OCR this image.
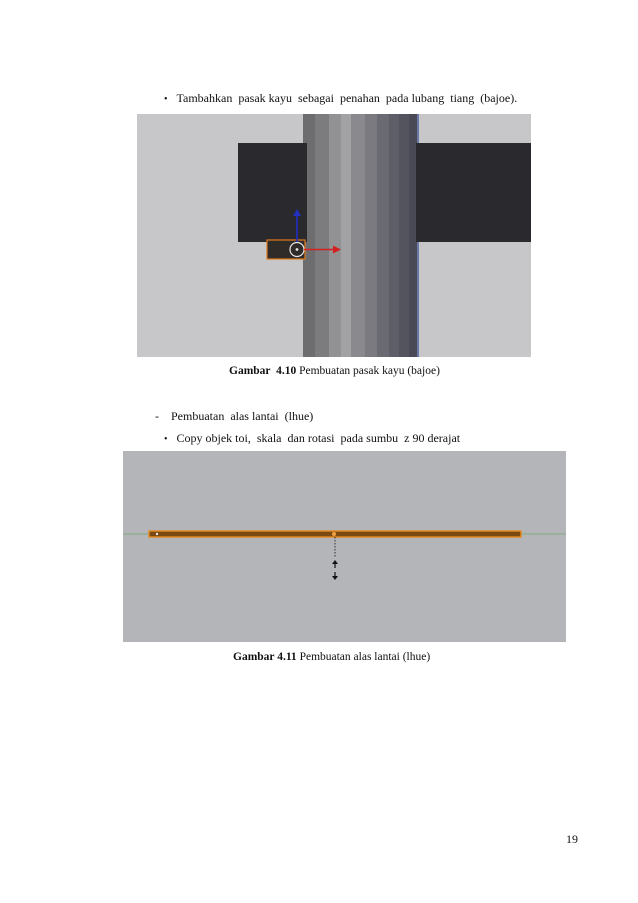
• Tambahkan  pasak kayu  sebagai  penahan  pada lubang  tiang  (bajoe).
Gambar  4.10 Pembuatan pasak kayu (bajoe)
- Pembuatan  alas lantai  (lhue)
• Copy objek toi,  skala  dan rotasi  pada sumbu  z 90 derajat
Gambar 4.11 Pembuatan alas lantai (lhue)
19
